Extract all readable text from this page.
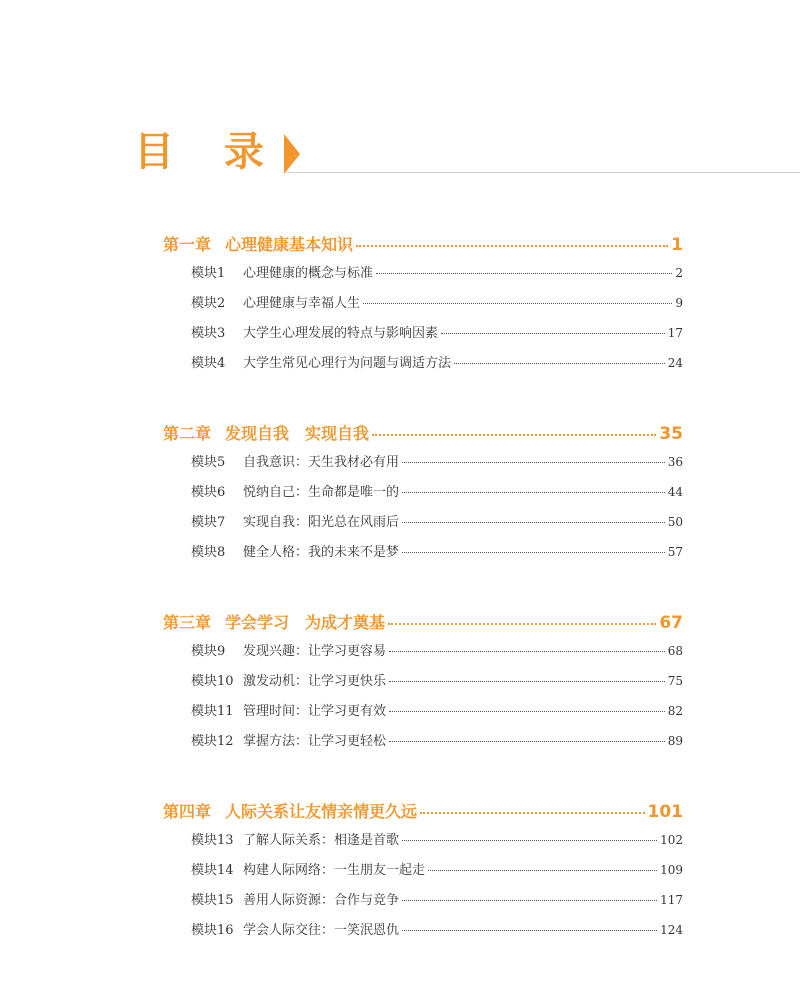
目 录
第一章 心理健康基本知识	1
模块1	心理健康的概念与标准	2
模块2	心理健康与幸福人生	9
模块3	大学生心理发展的特点与影响因素	17
模块4	大学生常见心理行为问题与调适方法	24
第二章 发现自我　实现自我	35
模块5	自我意识：天生我材必有用	36
模块6	悦纳自己：生命都是唯一的	44
模块7	实现自我：阳光总在风雨后	50
模块8	健全人格：我的未来不是梦	57
第三章 学会学习　为成才奠基	67
模块9	发现兴趣：让学习更容易	68
模块10 激发动机：让学习更快乐	75
模块11 管理时间：让学习更有效	82
模块12 掌握方法：让学习更轻松	89
第四章 人际关系让友情亲情更久远	101
模块13 了解人际关系：相逢是首歌	102
模块14 构建人际网络：一生朋友一起走	109
模块15 善用人际资源：合作与竞争	117
模块16 学会人际交往：一笑泯恩仇	124
